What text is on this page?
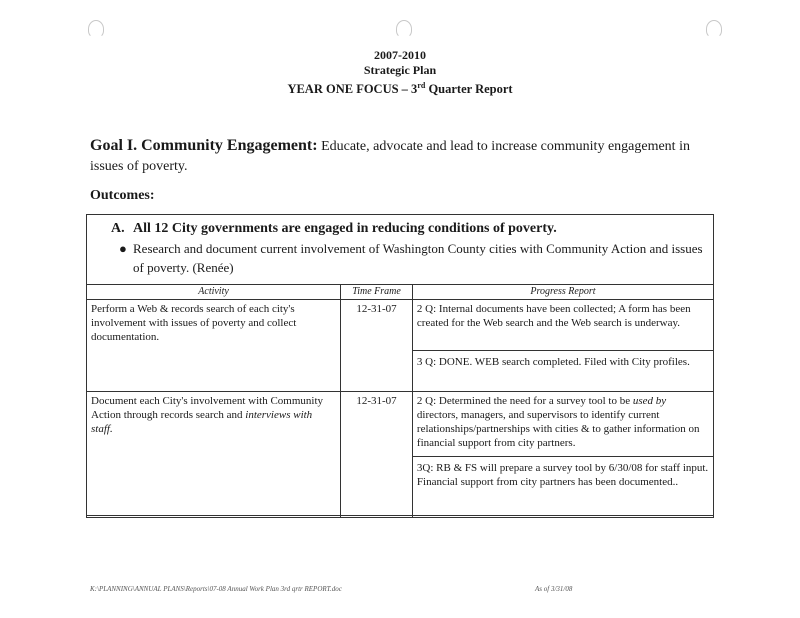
2007-2010
Strategic Plan
YEAR ONE FOCUS – 3rd Quarter Report
Goal I. Community Engagement: Educate, advocate and lead to increase community engagement in issues of poverty.
Outcomes:
A. All 12 City governments are engaged in reducing conditions of poverty.
● Research and document current involvement of Washington County cities with Community Action and issues of poverty. (Renée)
Activity	Time Frame	Progress Report
Perform a Web & records search of each city's involvement with issues of poverty and collect documentation.	12-31-07	2 Q: Internal documents have been collected; A form has been created for the Web search and the Web search is underway.
3 Q: DONE. WEB search completed. Filed with City profiles.

Document each City's involvement with Community Action through records search and interviews with staff.	12-31-07	2 Q: Determined the need for a survey tool to be used by directors, managers, and supervisors to identify current relationships/partnerships with cities & to gather information on financial support from city partners.
3Q: RB & FS will prepare a survey tool by 6/30/08 for staff input. Financial support from city partners has been documented..
K:\PLANNING\ANNUAL PLANS\Reports\07-08 Annual Work Plan 3rd qrtr REPORT.doc	As of 3/31/08
